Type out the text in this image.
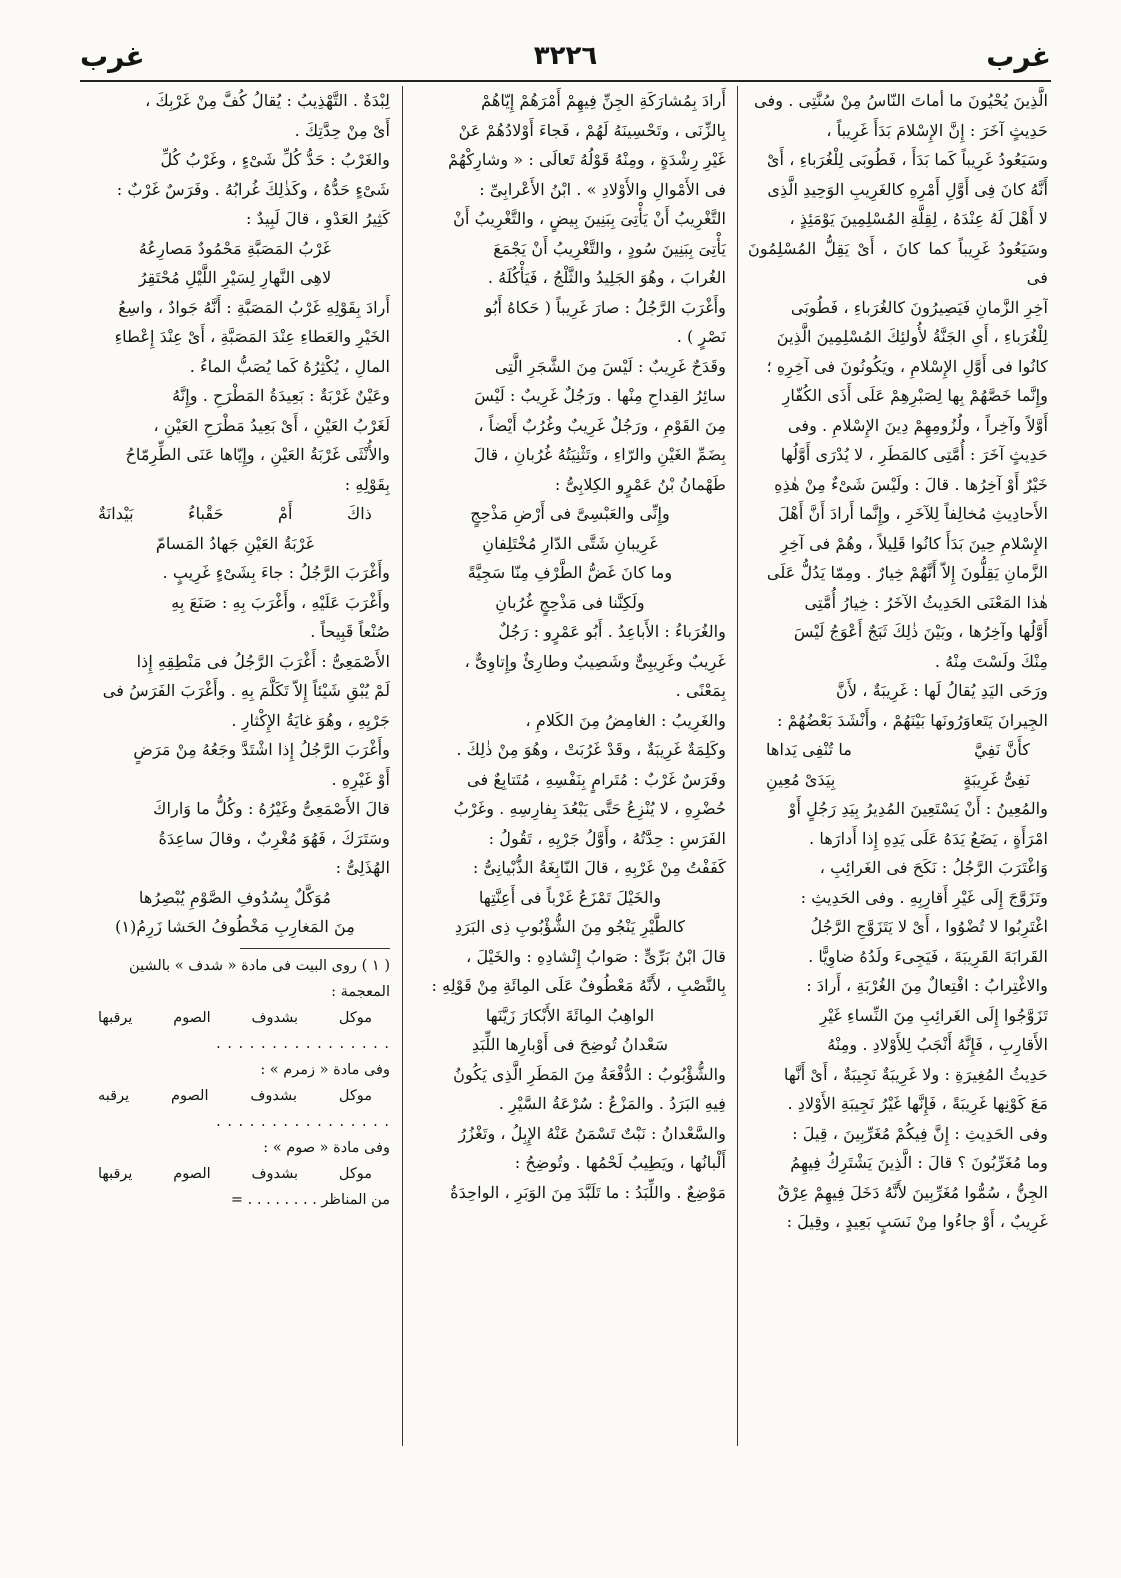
غرب	٣٢٢٦	غرب

الَّذِينَ يُحْيُونَ ما أماتَ النّاسُ مِنْ سُنَّتِى . وفى

حَدِيثٍ آخَرَ : إِنَّ الإِسْلامَ بَدَأَ غَرِيباً ،

وسَيَعُودُ غَرِيباً كَما بَدَأَ ، فَطُوبَى لِلْغُرَباءِ ، أَىْ

أَنَّهُ كانَ فِى أَوَّلِ أَمْرِهِ كالغَرِيبِ الوَحِيدِ الَّذِى

لا أَهْلَ لَهُ عِنْدَهُ ، لِقِلَّةِ المُسْلِمِينَ يَوْمَئِذٍ ،

وسَيَعُودُ غَرِيباً كما كانَ ، أَىْ يَقِلُّ المُسْلِمُونَ فى

آخِرِ الزَّمانِ فَيَصِيرُونَ كالغُرَباءِ ، فَطُوبَى

لِلْغُرَباءِ ، أَىِ الجَنَّةُ لأُولئِكَ المُسْلِمِينَ الَّذِينَ

كانُوا فى أَوَّلِ الإِسْلامِ ، ويَكُونُونَ فى آخِرِهِ ؛

وإِنَّما خَصَّهُمْ بِها لِصَبْرِهِمْ عَلَى أَذَى الكُفّارِ

أَوَّلاً وآخِراً ، ولُزُومِهِمْ دِينَ الإِسْلامِ . وفى

حَدِيثٍ آخَرَ : أُمَّتِى كالمَطَرِ ، لا يُدْرَى أَوَّلُها

خَيْرٌ أَوْ آخِرُها . قالَ : ولَيْسَ شَىْءٌ مِنْ هٰذِهِ

الأَحادِيثِ مُخالِفاً لِلآخَرِ ، وإِنَّما أَرادَ أَنَّ أَهْلَ

الإِسْلامِ حِينَ بَدَأَ كانُوا قَلِيلاً ، وهُمْ فى آخِرِ

الزَّمانِ يَقِلُّونَ إِلاّ أَنَّهُمْ خِيارٌ . ومِمّا يَدُلُّ عَلَى

هٰذا المَعْنَى الحَدِيثُ الآخَرُ : خِيارُ أُمَّتِى

أَوَّلُها وآخِرُها ، وبَيْنَ ذٰلِكَ ثَبَجٌ أَعْوَجُ لَيْسَ

مِنْكَ ولَسْتَ مِنْهُ .

ورَحَى اليَدِ يُقالُ لَها : غَرِيبَةٌ ، لأَنَّ

الجِيرانَ يَتَعاوَرُونَها بَيْنَهُمْ ، وأَنْشَدَ بَعْضُهُمْ :

كأَنَّ نَفِيَّ
ما تُنْفِى يَداها

نَفِىُّ غَرِيبَةٍ
بِيَدَىْ مُعِينِ

والمُعِينُ : أَنْ يَسْتَعِينَ المُدِيرُ بِيَدِ رَجُلٍ أَوْ

امْرَأَةٍ ، يَضَعُ يَدَهُ عَلَى يَدِهِ إِذا أَدارَها .

وَاغْتَرَبَ الرَّجُلُ : نَكَحَ فى الغَرائِبِ ،

وتَزَوَّجَ إِلَى غَيْرِ أَقارِبِهِ . وفى الحَدِيثِ :

اغْتَرِبُوا لا تُضْوُوا ، أَىْ لا يَتَزَوَّجِ الرَّجُلُ

القَرابَةَ القَرِيبَةَ ، فَيَجِىءَ ولَدُهُ ضاوِيًّا .

والاغْتِرابُ : افْتِعالٌ مِنَ الغُرْبَةِ ، أَرادَ :

تَزَوَّجُوا إِلَى الغَرائِبِ مِنَ النِّساءِ غَيْرِ

الأَقارِبِ ، فَإِنَّهُ أَنْجَبُ لِلأَوْلادِ . ومِنْهُ

حَدِيثُ المُغِيرَةِ : ولا غَرِيبَةٌ نَجِيبَةٌ ، أَىْ أَنَّها

مَعَ كَوْنِها غَرِيبَةً ، فَإِنَّها غَيْرُ نَجِيبَةِ الأَوْلادِ .

وفى الحَدِيثِ : إِنَّ فِيكُمْ مُغَرِّبِينَ ، قِيلَ :

وما مُغَرِّبُونَ ؟ قالَ : الَّذِينَ يَشْتَرِكُ فِيهِمُ

الجِنُّ ، سُمُّوا مُغَرِّبِينَ لأَنَّهُ دَخَلَ فِيهِمْ عِرْقٌ

غَرِيبٌ ، أَوْ جاءُوا مِنْ نَسَبٍ بَعِيدٍ ، وقِيلَ :

أَرادَ بِمُشارَكَةِ الجِنِّ فِيهِمْ أَمْرَهُمْ إِيّاهُمْ

بِالزِّنَى ، وتَحْسِينَهُ لَهُمْ ، فَجاءَ أَوْلادُهُمْ عَنْ

غَيْرِ رِشْدَةٍ ، ومِنْهُ قَوْلُهُ تَعالَى : « وشارِكْهُمْ

فى الأَمْوالِ والأَوْلادِ » . ابْنُ الأَعْرابِىِّ :

التَّغْرِيبُ أَنْ يَأْتِىَ بِبَنِينَ بِيضٍ ، والتَّغْرِيبُ أَنْ

يَأْتِىَ بِبَنِينَ سُودٍ ، والتَّغْرِيبُ أَنْ يَجْمَعَ

الغُرابَ ، وهُوَ الجَلِيدُ والثَّلْجُ ، فَيَأْكُلَهُ .

وأَغْرَبَ الرَّجُلُ : صارَ غَرِيباً ( حَكاهُ أَبُو

نَصْرٍ ) .

وقَدَحٌ غَرِيبٌ : لَيْسَ مِنَ الشَّجَرِ الَّتِى

سائِرُ القِداحِ مِنْها . ورَجُلٌ غَرِيبٌ : لَيْسَ

مِنَ القَوْمِ ، ورَجُلٌ غَرِيبٌ وغُرُبٌ أَيْضاً ،

بِضَمِّ الغَيْنِ والرّاءِ ، وتَثْنِيَتُهُ غُرُبانِ ، قالَ

طَهْمانُ بْنُ عَمْرٍو الكِلابِىُّ :

وإِنِّى والعَبْسِىَّ فى أَرْضِ مَذْحِجٍ

غَرِيبانِ شَتَّى الدّارِ مُخْتَلِفانِ

وما كانَ غَضُّ الطَّرْفِ مِنّا سَجِيَّةً

ولَكِنَّنا فى مَذْحِجٍ غُرُبانِ

والغُرَباءُ : الأَباعِدُ . أَبُو عَمْرٍو : رَجُلٌ

غَرِيبٌ وغَرِيبِىٌّ وشَصِيبٌ وطارِئٌ وإِتاوِىٌّ ،

بِمَعْنًى .

والغَرِيبُ : الغامِضُ مِنَ الكَلامِ ،

وكَلِمَةٌ غَرِيبَةٌ ، وقَدْ غَرُبَتْ ، وهُوَ مِنْ ذٰلِكَ .

وفَرَسٌ غَرْبٌ : مُتَرامٍ بِنَفْسِهِ ، مُتَتابِعٌ فى

حُضْرِهِ ، لا يُنْزِعُ حَتَّى يَبْعُدَ بِفارِسِهِ . وغَرْبُ

الفَرَسِ : حِدَّتُهُ ، وأَوَّلُ جَرْيِهِ ، تَقُولُ :

كَفَفْتُ مِنْ غَرْبِهِ ، قالَ النّابِغَةُ الذُّبْيانِىُّ :

والخَيْلَ تَمْزَعُ غَرْباً فى أَعِنَّتِها

كالطَّيْرِ يَنْجُو مِنَ الشُّؤْبُوبِ ذِى البَرَدِ

قالَ ابْنُ بَرِّىٍّ : صَوابُ إِنْشادِهِ : والخَيْلَ ،

بِالنَّصْبِ ، لأَنَّهُ مَعْطُوفٌ عَلَى المِائَةِ مِنْ قَوْلِهِ :

الواهِبُ المِائَةَ الأَبْكارَ زَيَّنَها

سَعْدانُ تُوضِحَ فى أَوْبارِها اللِّبَدِ

والشُّؤْبُوبُ : الدُّفْعَةُ مِنَ المَطَرِ الَّذِى يَكُونُ

فِيهِ البَرَدُ . والمَزْعُ : سُرْعَةُ السَّيْرِ .

والسَّعْدانُ : نَبْتٌ تَسْمَنُ عَنْهُ الإِبِلُ ، وتَغْزُرُ

أَلْبانُها ، ويَطِيبُ لَحْمُها . وتُوضِحُ :

مَوْضِعٌ . واللِّبَدُ : ما تَلَبَّدَ مِنَ الوَبَرِ ، الواحِدَةُ

لِبْدَةٌ . التَّهْذِيبُ : يُقالُ كُفَّ مِنْ غَرْبِكَ ،

أَىْ مِنْ حِدَّتِكَ .

والغَرْبُ : حَدُّ كُلِّ شَىْءٍ ، وغَرْبُ كُلِّ

شَىْءٍ حَدُّهُ ، وكَذٰلِكَ غُرابُهُ . وفَرَسٌ غَرْبٌ :

كَثِيرُ العَدْوِ ، قالَ لَبِيدٌ :

غَرْبُ المَصَبَّةِ مَحْمُودٌ مَصارِعُهُ

لاهِى النَّهارِ لِسَيْرِ اللَّيْلِ مُحْتَقِرُ

أَرادَ بِقَوْلِهِ غَرْبُ المَصَبَّةِ : أَنَّهُ جَوادٌ ، واسِعُ

الخَيْرِ والعَطاءِ عِنْدَ المَصَبَّةِ ، أَىْ عِنْدَ إِعْطاءِ

المالِ ، يُكْثِرُهُ كَما يُصَبُّ الماءُ .

وعَيْنٌ غَرْبَةٌ : بَعِيدَةُ المَطْرَحِ . وإِنَّهُ

لَغَرْبُ العَيْنِ ، أَىْ بَعِيدُ مَطْرَحِ العَيْنِ ،

والأُنْثَى غَرْبَةُ العَيْنِ ، وإِيّاها عَنَى الطِّرِمّاحُ

بِقَوْلِهِ :

ذاكَ
أَمْ
حَقْباءُ
بَيْدانَةٌ

غَرْبَةُ العَيْنِ جَهادُ المَسامّ

وأَغْرَبَ الرَّجُلُ : جاءَ بِشَىْءٍ غَرِيبٍ .

وأَغْرَبَ عَلَيْهِ ، وأَغْرَبَ بِهِ : صَنَعَ بِهِ

صُنْعاً قَبِيحاً .

الأَصْمَعِىُّ : أَغْرَبَ الرَّجُلُ فى مَنْطِقِهِ إِذا

لَمْ يُبْقِ شَيْئاً إِلاّ تَكَلَّمَ بِهِ . وأَغْرَبَ الفَرَسُ فى

جَرْيِهِ ، وهُوَ غايَةُ الإِكْثارِ .

وأَغْرَبَ الرَّجُلُ إِذا اشْتَدَّ وجَعُهُ مِنْ مَرَضٍ

أَوْ غَيْرِهِ .

قالَ الأَصْمَعِىُّ وغَيْرُهُ : وكُلُّ ما وَاراكَ

وسَتَرَكَ ، فَهُوَ مُغْرِبٌ ، وقالَ ساعِدَةُ

الهُذَلِىُّ :

مُوَكَّلٌ بِسُدُوفِ الصَّوْمِ يُبْصِرُها

مِنَ المَغارِبِ مَخْطُوفُ الحَشا زَرِمُ(١)

( ١ ) روى البيت فى مادة « شدف » بالشين

المعجمة :

موكل
بشدوف
الصوم
يرقبها

. . . . . . . . . . . . . . . .

وفى مادة « زمرم » :

موكل
بشدوف
الصوم
يرقبه

. . . . . . . . . . . . . . . .

وفى مادة « صوم » :

موكل
بشدوف
الصوم
يرقبها

من المناظر . . . . . . . . =
